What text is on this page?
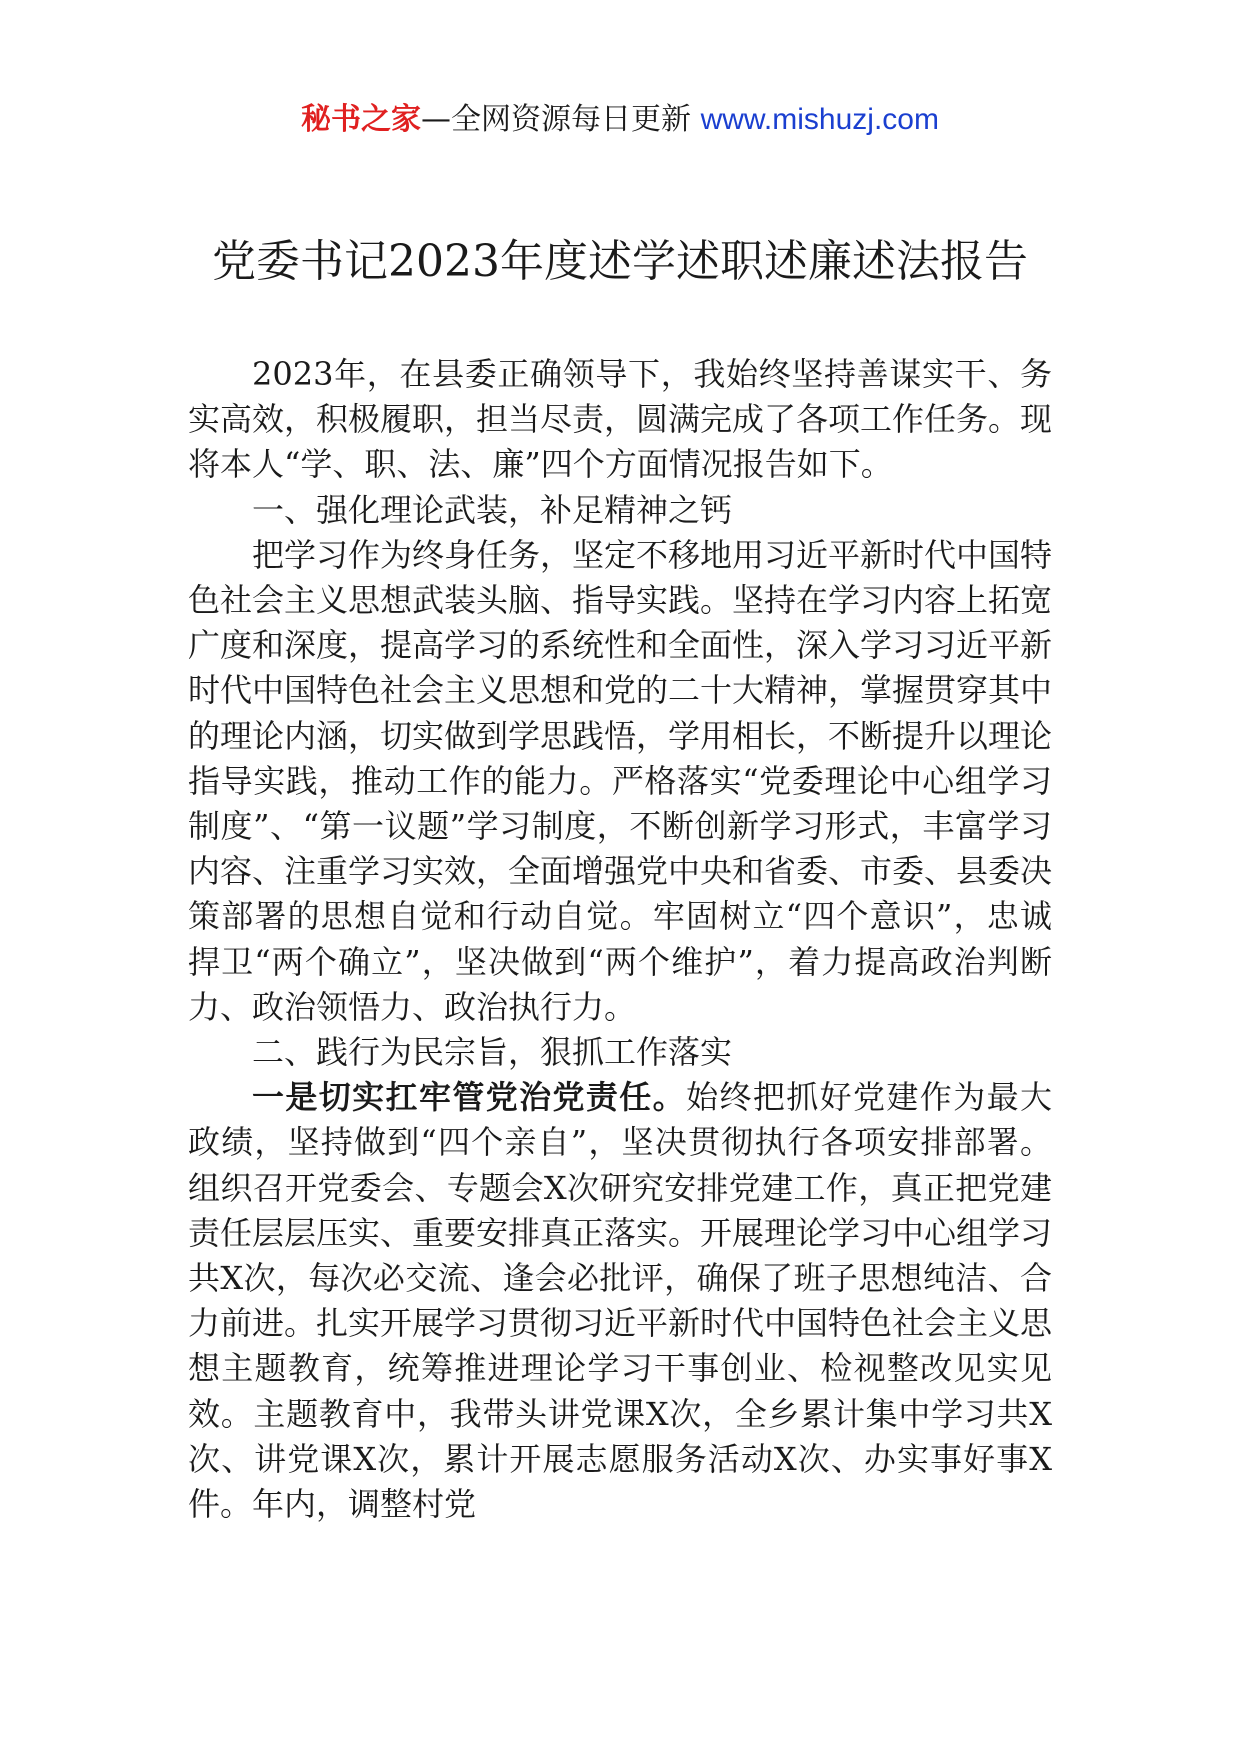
秘书之家—全网资源每日更新 www.mishuzj.com
党委书记2023年度述学述职述廉述法报告

2023年，在县委正确领导下，我始终坚持善谋实干、务实高效，积极履职，担当尽责，圆满完成了各项工作任务。现将本人“学、职、法、廉”四个方面情况报告如下。

一、强化理论武装，补足精神之钙

把学习作为终身任务，坚定不移地用习近平新时代中国特色社会主义思想武装头脑、指导实践。坚持在学习内容上拓宽广度和深度，提高学习的系统性和全面性，深入学习习近平新时代中国特色社会主义思想和党的二十大精神，掌握贯穿其中的理论内涵，切实做到学思践悟，学用相长，不断提升以理论指导实践，推动工作的能力。严格落实“党委理论中心组学习制度”、“第一议题”学习制度，不断创新学习形式，丰富学习内容、注重学习实效，全面增强党中央和省委、市委、县委决策部署的思想自觉和行动自觉。牢固树立“四个意识”，忠诚捍卫“两个确立”，坚决做到“两个维护”，着力提高政治判断力、政治领悟力、政治执行力。

二、践行为民宗旨，狠抓工作落实

一是切实扛牢管党治党责任。始终把抓好党建作为最大政绩，坚持做到“四个亲自”，坚决贯彻执行各项安排部署。组织召开党委会、专题会X次研究安排党建工作，真正把党建责任层层压实、重要安排真正落实。开展理论学习中心组学习共X次，每次必交流、逢会必批评，确保了班子思想纯洁、合力前进。扎实开展学习贯彻习近平新时代中国特色社会主义思想主题教育，统筹推进理论学习干事创业、检视整改见实见效。主题教育中，我带头讲党课X次，全乡累计集中学习共X次、讲党课X次，累计开展志愿服务活动X次、办实事好事X件。年内，调整村党
